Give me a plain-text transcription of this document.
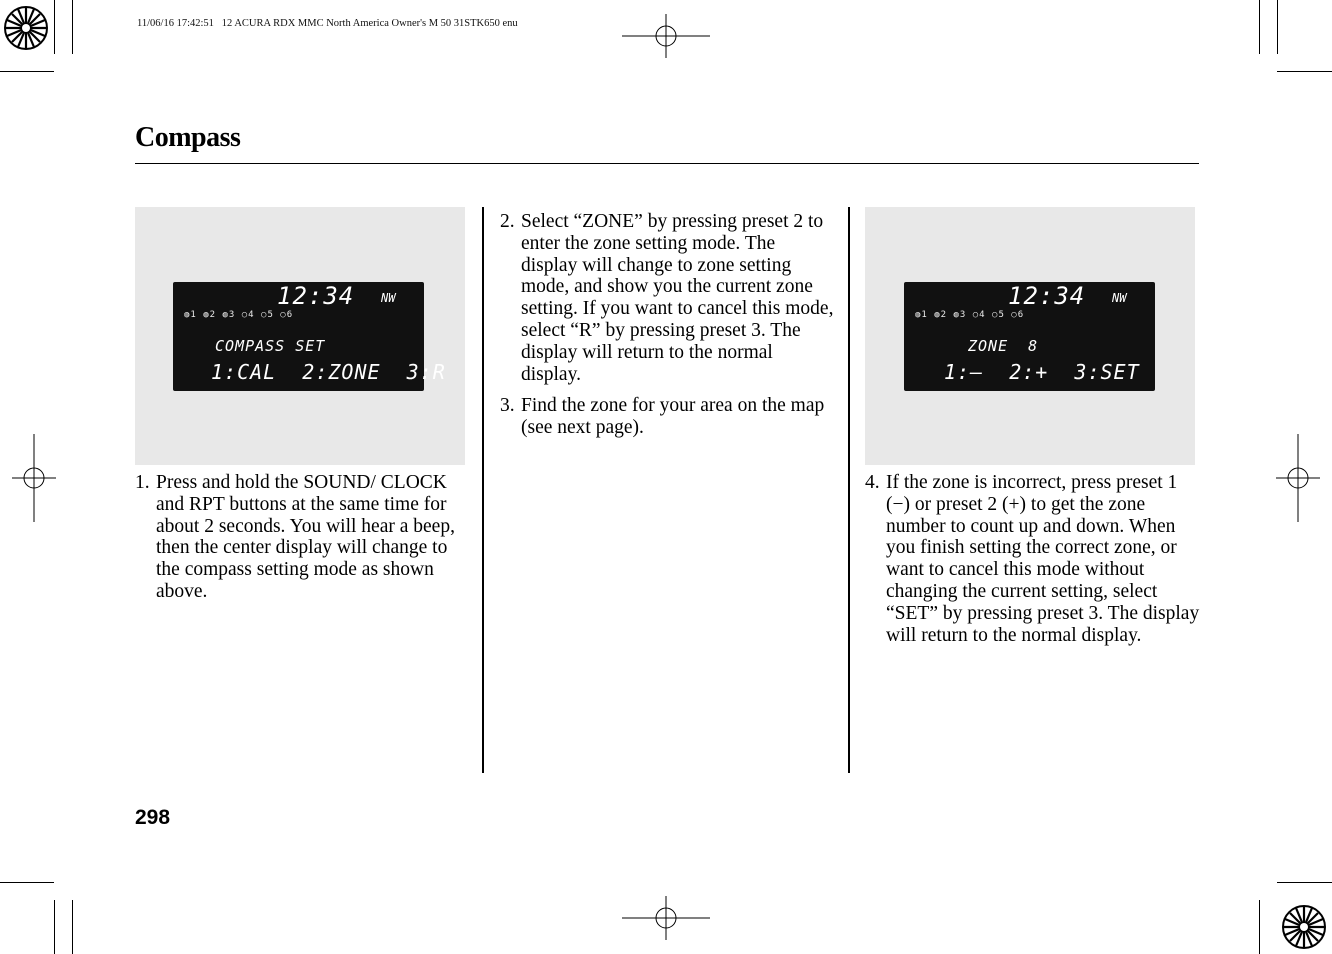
11/06/16 17:42:51   12 ACURA RDX MMC North America Owner's M 50 31STK650 enu
Compass
12:34 NW
◍1 ◍2 ◍3 ○4 ○5 ○6
COMPASS SET
1:CAL  2:ZONE  3:R
12:34 NW
◍1 ◍2 ◍3 ○4 ○5 ○6
ZONE  8
1:–  2:+  3:SET
1. Press and hold the SOUND/ CLOCK and RPT buttons at the same time for about 2 seconds. You will hear a beep, then the center display will change to the compass setting mode as shown above.
2. Select “ZONE” by pressing preset 2 to enter the zone setting mode. The display will change to zone setting mode, and show you the current zone setting. If you want to cancel this mode, select “R” by pressing preset 3. The display will return to the normal display.
3. Find the zone for your area on the map (see next page).
4. If the zone is incorrect, press preset 1 (−) or preset 2 (+) to get the zone number to count up and down. When you finish setting the correct zone, or want to cancel this mode without changing the current setting, select “SET” by pressing preset 3. The display will return to the normal display.
298
